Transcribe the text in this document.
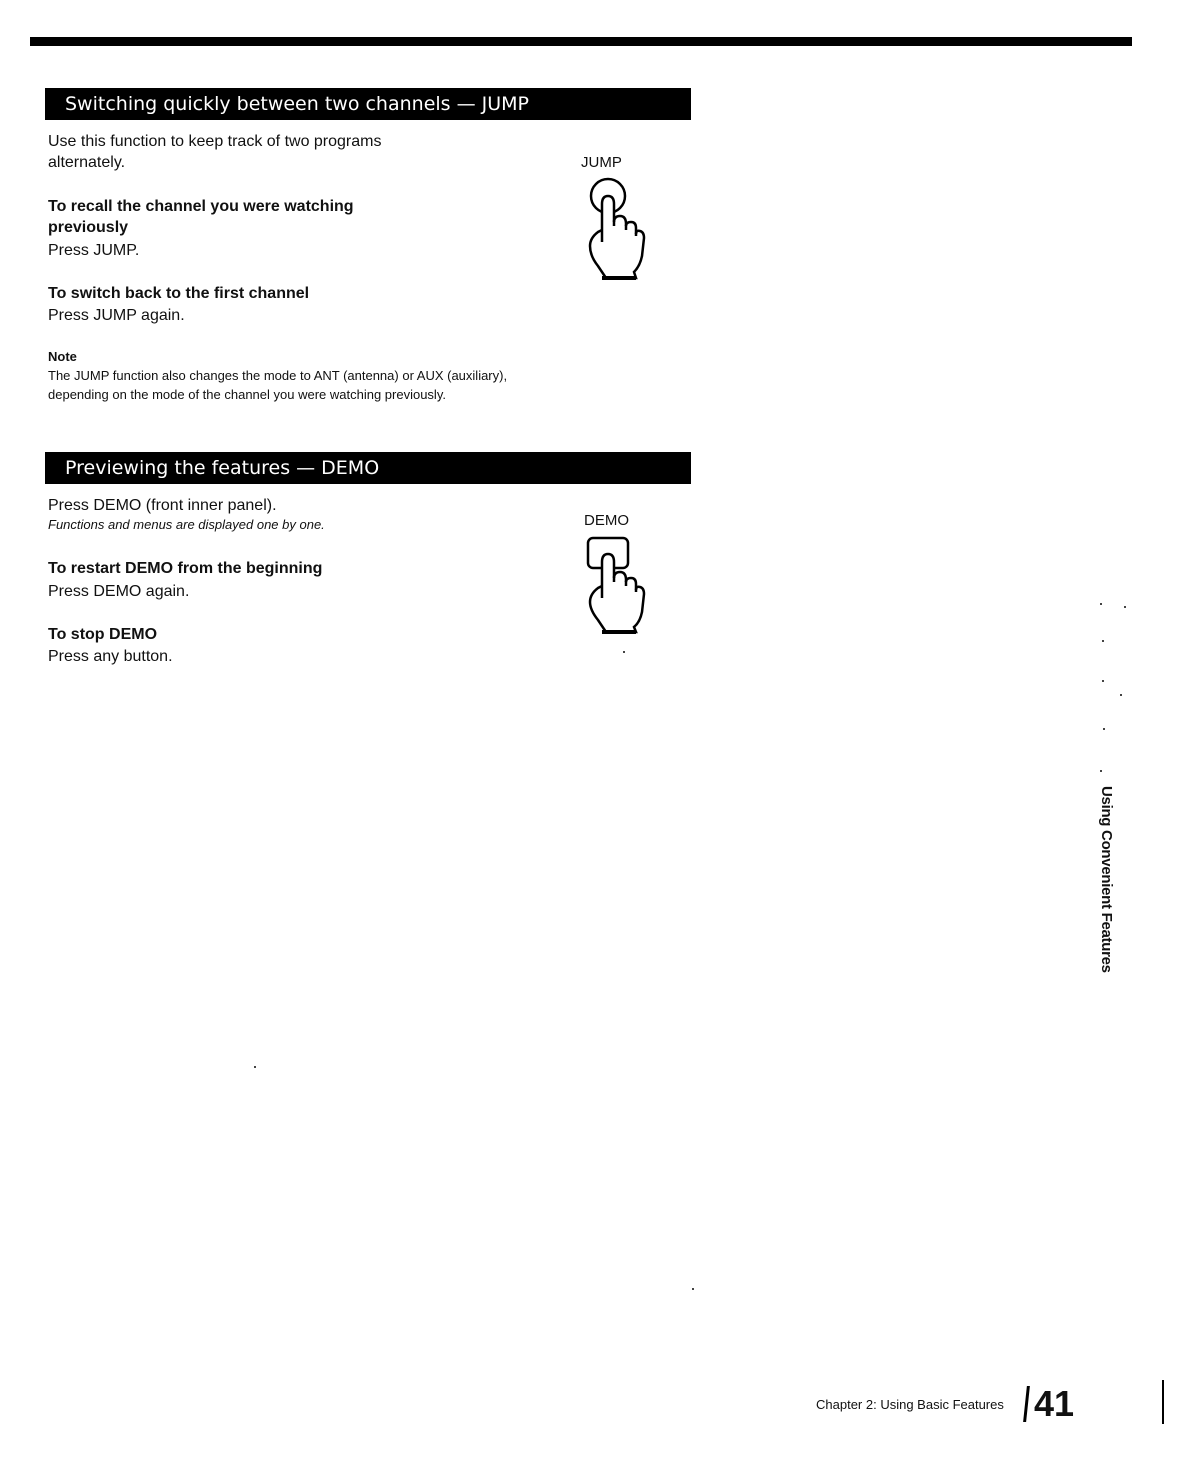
Switching quickly between two channels — JUMP
Use this function to keep track of two programs
alternately.
To recall the channel you were watching
previously
Press JUMP.
To switch back to the first channel
Press JUMP again.
Note
The JUMP function also changes the mode to ANT (antenna) or AUX (auxiliary),
depending on the mode of the channel you were watching previously.
JUMP
Previewing the features — DEMO
Press DEMO (front inner panel).
Functions and menus are displayed one by one.
To restart DEMO from the beginning
Press DEMO again.
To stop DEMO
Press any button.
DEMO
Using Convenient Features
Chapter 2: Using Basic Features 41
